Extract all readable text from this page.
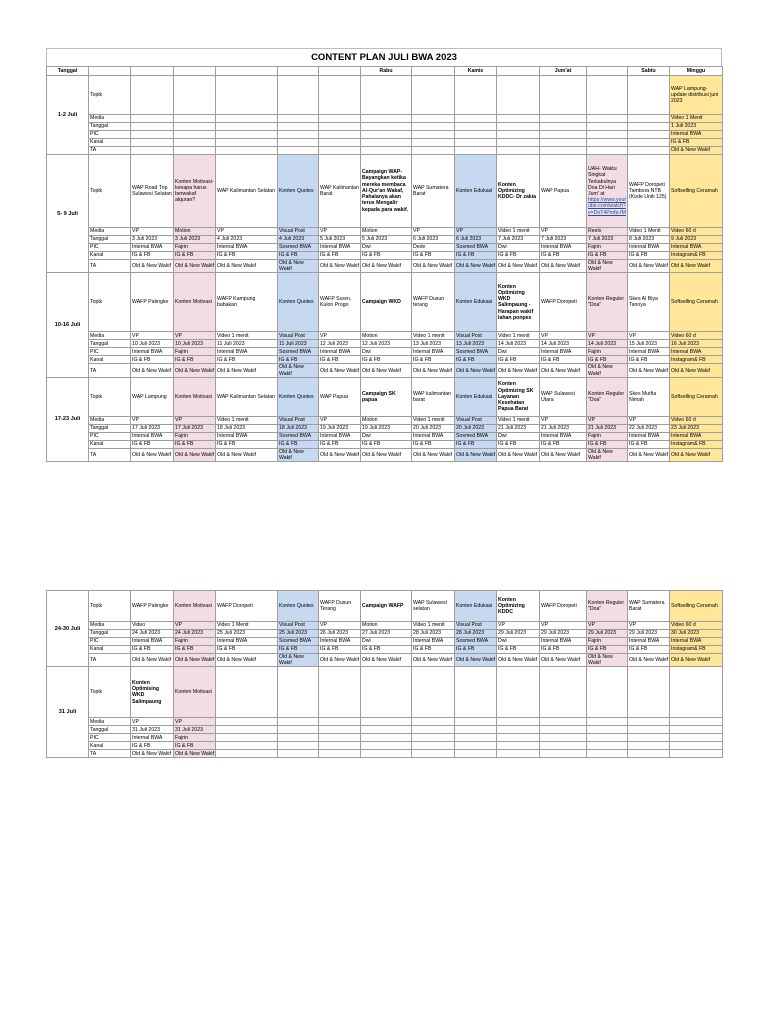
CONTENT PLAN JULI BWA 2023
Tanggal							Rabu		Kamis		Jum'at		Sabtu	Minggu
1-2 Juli	Topik													WAP Lampung- update distribusi juni 2023
	Media													Video 1 Menit
	Tanggal													1 Juli 2023
	PIC													Internal BWA
	Kanal													IG & FB
	TA													Old & New Wakif
5- 9 Juli	Topik	WAP Road Trip Sulawesi Selatan	Konten Motivasi- kenapa harus berwakaf alquran?	WAP Kalimantan Selatan	Konten Quotes	WAP Kalimantan Barat	Campaign WAP- Bayangkan ketika mereka membaca Al-Qur'an Wakaf, Pahalanya akan terus Mengalir kepada para wakif.	WAP Sumatera Barat	Konten Edukasi	Konten Optimizing KDDC- Dr zakia	WAP Papua	UAH- Waktu Singkat Terkabulnya Doa Di Hari Jum' at https://www.youtube.com/watch?v=DnT4Pmfa-fM	WAFP Doropeti Tambora NTB (Kode Unik 125)	Softselling Ceramah
	Media	VP	Motion	VP	Visual Post	VP	Motion	VP	VP	Video 1 menit	VP	Reels	Video 1 Menit	Video 60 d
	Tanggal	3 Juli 2023	3 Juli 2023	4 Juli 2023	4 Juli 2023	5 Juli 2023	5 Juli 2023	6 Juli 2023	6 Juli 2023	7 Juli 2023	7 Juli 2023	7 Juli 2023	8 Juli 2023	9 Juli 2023
	PIC	Internal BWA	Fajrin	Internal BWA	Sosmed BWA	Internal BWA	Dwi	Dede	Sosmed BWA	Dwi	Internal BWA	Fajrin	Internal BWA	Internal BWA
	Kanal	IG & FB	IG & FB	IG & FB	IG & FB	IG & FB	IG & FB	IG & FB	IG & FB	IG & FB	IG & FB	IG & FB	IG & FB	Instagram& FB
	TA	Old & New Wakif	Old & New Wakif	Old & New Wakif	Old & New Wakif	Old & New Wakif	Old & New Wakif	Old & New Wakif	Old & New Wakif	Old & New Wakif	Old & New Wakif	Old & New Wakif	Old & New Wakif	Old & New Wakif
10-16 Juli	Topik	WAFP Patingke	Konten Motivasi	WAFP Kampung babakan	Konten Quotes	WAFP Suren, Kulon Progo	Campaign WKD	WAFP Dusun terang	Konten Edukasi	Konten Optimizing WKD Salimpaung - Harapan wakif lahan ponpes	WAFP Doropeti	Konten Reguler "Doa"	Skes Al Biya Tanoya	Softselling Ceramah
	Media	VP	VP	Video 1 menit	Visual Post	VP	Motion	Video 1 menit	Visual Post	Video 1 menit	VP	VP	VP	Video 60 d
	Tanggal	10 Juli 2023	10 Juli 2023	11 Juli 2023	11 Juli 2023	12 Juli 2023	12 Juli 2023	13 Juli 2023	13 Juli 2023	14 Juli 2023	14 Juli 2023	14 Juli 2023	15 Juli 2023	16 Juli 2023
	PIC	Internal BWA	Fajrin	Internal BWA	Sosmed BWA	Internal BWA	Dwi	Internal BWA	Sosmed BWA	Dwi	Internal BWA	Fajrin	Internal BWA	Internal BWA
	Kanal	IG & FB	IG & FB	IG & FB	IG & FB	IG & FB	IG & FB	IG & FB	IG & FB	IG & FB	IG & FB	IG & FB	IG & FB	Instagram& FB
	TA	Old & New Wakif	Old & New Wakif	Old & New Wakif	Old & New Wakif	Old & New Wakif	Old & New Wakif	Old & New Wakif	Old & New Wakif	Old & New Wakif	Old & New Wakif	Old & New Wakif	Old & New Wakif	Old & New Wakif
17-23 Juli	Topik	WAP Lampung	Konten Motivasi	WAP Kalimantan Selatan	Konten Quotes	WAP Papua	Campaign SK papua	WAP kalimantan barat	Konten Edukasi	Konten Optimizing SK Layanan Kesehatan Papua Barat	WAP Sulawesi Utara	Konten Reguler "Doa"	Skes Mutfia Nimah	Softselling Ceramah
	Media	VP	VP	Video 1 menit	Visual Post	VP	Motion	Video 1 menit	Visual Post	Video 1 menit	VP	VP	VP	Video 60 d
	Tanggal	17 Juli 2023	17 Juli 2023	18 Juli 2023	18 Juli 2023	19 Juli 2023	19 Juli 2023	20 Juli 2023	20 Juli 2023	21 Juli 2023	21 Juli 2023	21 Juli 2023	22 Juli 2023	23 Juli 2023
	PIC	Internal BWA	Fajrin	Internal BWA	Sosmed BWA	Internal BWA	Dwi	Internal BWA	Sosmed BWA	Dwi	Internal BWA	Fajrin	Internal BWA	Internal BWA
	Kanal	IG & FB	IG & FB	IG & FB	IG & FB	IG & FB	IG & FB	IG & FB	IG & FB	IG & FB	IG & FB	IG & FB	IG & FB	Instagram& FB
	TA	Old & New Wakif	Old & New Wakif	Old & New Wakif	Old & New Wakif	Old & New Wakif	Old & New Wakif	Old & New Wakif	Old & New Wakif	Old & New Wakif	Old & New Wakif	Old & New Wakif	Old & New Wakif	Old & New Wakif
24-30 Juli	Topik	WAFP Patingke	Konten Motivasi	WAFP Doropeti	Konten Quotes	WAFP Dusun Terang	Campaign WAFP	WAP Sulawesi selatan	Konten Edukasi	Konten Optimizing KDDC	WAFP Doropeti	Konten Reguler "Doa"	WAP Sumatera Barat	Softselling Ceramah
	Media	Video	VP	Video 1 Menit	Visual Post	VP	Motion	Video 1 menit	Visual Post	VP	VP	VP	VP	Video 60 d
	Tanggal	24 Juli 2023	24 Juli 2023	25 Juli 2023	25 Juli 2023	26 Juli 2023	27 Juli 2023	28 Juli 2023	28 Juli 2023	29 Juli 2023	29 Juli 2023	29 Juli 2023	29 Juli 2023	30 Juli 2023
	PIC	Internal BWA	Fajrin	Internal BWA	Sosmed BWA	Internal BWA	Dwi	Internal BWA	Sosmed BWA	Dwi	Internal BWA	Fajrin	Internal BWA	Internal BWA
	Kanal	IG & FB	IG & FB	IG & FB	IG & FB	IG & FB	IG & FB	IG & FB	IG & FB	IG & FB	IG & FB	IG & FB	IG & FB	Instagram& FB
	TA	Old & New Wakif	Old & New Wakif	Old & New Wakif	Old & New Wakif	Old & New Wakif	Old & New Wakif	Old & New Wakif	Old & New Wakif	Old & New Wakif	Old & New Wakif	Old & New Wakif	Old & New Wakif	Old & New Wakif
31 Juli	Topik	Konten Optimising WKD Salimpaung	Konten Motivasi											
	Media	VP	VP											
	Tanggal	31 Juli 2023	31 Juli 2023											
	PIC	Internal BWA	Fajrin											
	Kanal	IG & FB	IG & FB											
	TA	Old & New Wakif	Old & New Wakif											
